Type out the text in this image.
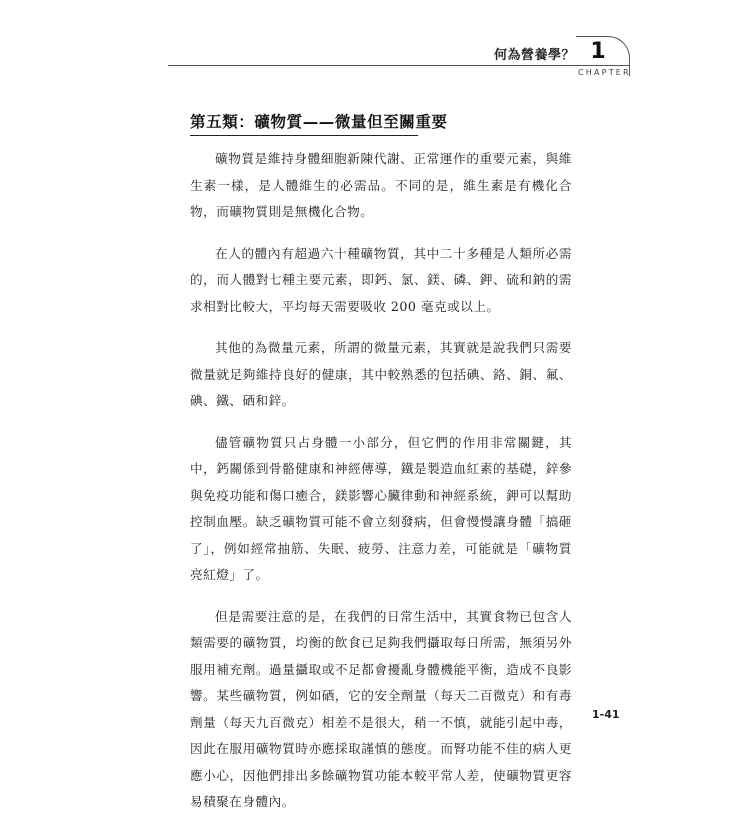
何為營養學？ 1
CHAPTER
第五類：礦物質——微量但至關重要

礦物質是維持身體細胞新陳代謝、正常運作的重要元素，與維生素一樣，是人體維生的必需品。不同的是，維生素是有機化合物，而礦物質則是無機化合物。

在人的體內有超過六十種礦物質，其中二十多種是人類所必需的，而人體對七種主要元素，即鈣、氯、鎂、磷、鉀、硫和鈉的需求相對比較大，平均每天需要吸收 200 毫克或以上。

其他的為微量元素，所謂的微量元素，其實就是說我們只需要微量就足夠維持良好的健康，其中較熟悉的包括碘、鉻、銅、氟、碘、鐵、硒和鋅。

儘管礦物質只占身體一小部分，但它們的作用非常關鍵，其中，鈣關係到骨骼健康和神經傳導，鐵是製造血紅素的基礎，鋅參與免疫功能和傷口癒合，鎂影響心臟律動和神經系統，鉀可以幫助控制血壓。缺乏礦物質可能不會立刻發病，但會慢慢讓身體「搞砸了」，例如經常抽筋、失眠、疲勞、注意力差，可能就是「礦物質亮紅燈」了。

但是需要注意的是，在我們的日常生活中，其實食物已包含人類需要的礦物質，均衡的飲食已足夠我們攝取每日所需，無須另外服用補充劑。過量攝取或不足都會擾亂身體機能平衡，造成不良影響。某些礦物質，例如硒，它的安全劑量（每天二百微克）和有毒劑量（每天九百微克）相差不是很大，稍一不慎，就能引起中毒，因此在服用礦物質時亦應採取謹慎的態度。而腎功能不佳的病人更應小心，因他們排出多餘礦物質功能本較平常人差，使礦物質更容易積聚在身體內。

1-41
